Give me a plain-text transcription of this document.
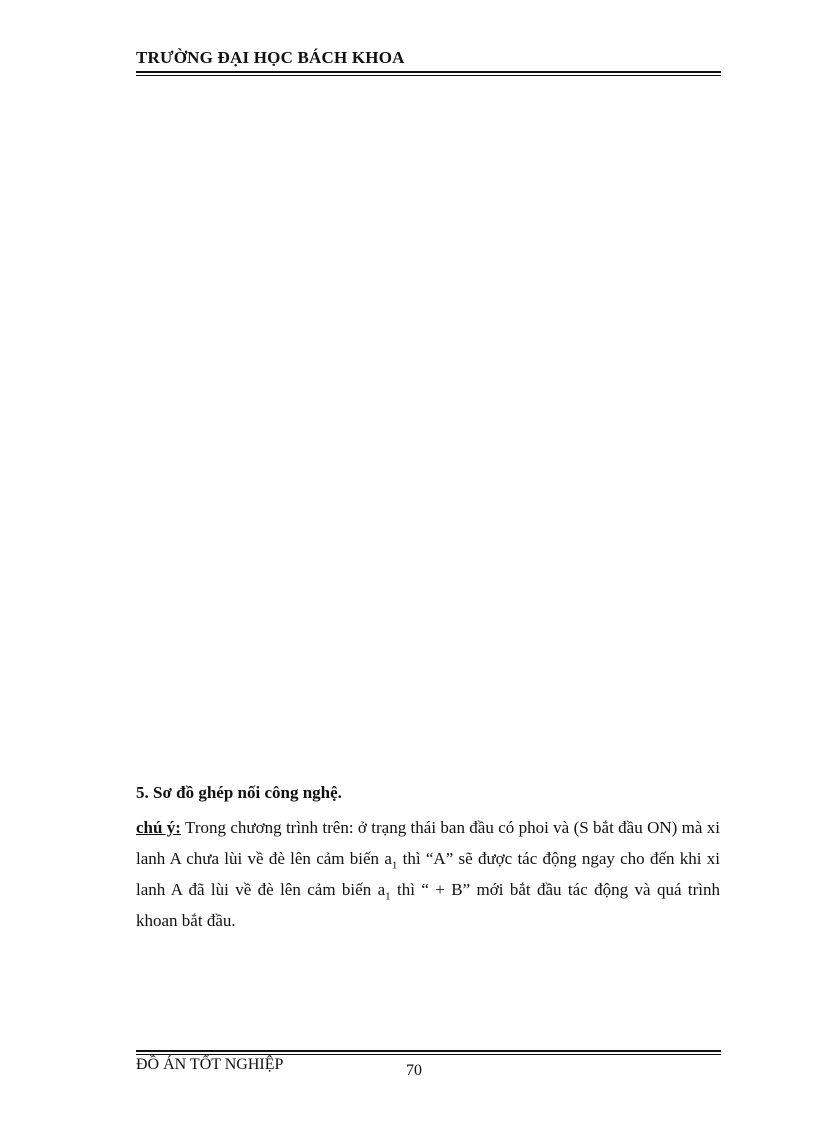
TRƯỜNG ĐẠI HỌC BÁCH KHOA
5. Sơ đồ ghép nối công nghệ.

chú ý: Trong chương trình trên: ở trạng thái ban đầu có phoi và (S bắt đầu ON) mà xi lanh A chưa lùi về đè lên cảm biến $a_1$ thì “A” sẽ được tác động ngay cho đến khi xi lanh A đã lùi về đè lên cảm biến $a_1$ thì “ + B” mới bắt đầu tác động và quá trình khoan bắt đầu.

ĐỒ ÁN TỐT NGHIỆP	70
